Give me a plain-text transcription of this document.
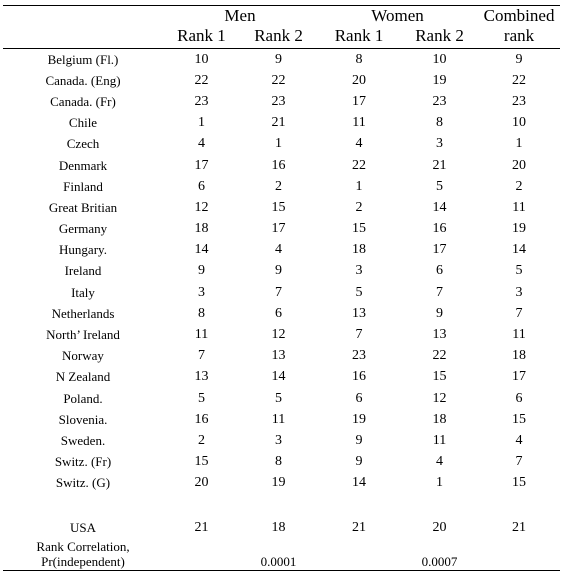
	Men		Women		Combined
	Rank 1	Rank 2	Rank 1	Rank 2	rank
Belgium (Fl.)	10	9	8	10	9
Canada. (Eng)	22	22	20	19	22
Canada. (Fr)	23	23	17	23	23
Chile	1	21	11	8	10
Czech	4	1	4	3	1
Denmark	17	16	22	21	20
Finland	6	2	1	5	2
Great Britian	12	15	2	14	11
Germany	18	17	15	16	19
Hungary.	14	4	18	17	14
Ireland	9	9	3	6	5
Italy	3	7	5	7	3
Netherlands	8	6	13	9	7
North’ Ireland	11	12	7	13	11
Norway	7	13	23	22	18
N Zealand	13	14	16	15	17
Poland.	5	5	6	12	6
Slovenia.	16	11	19	18	15
Sweden.	2	3	9	11	4
Switz. (Fr)	15	8	9	4	7
Switz. (G)	20	19	14	1	15

USA	21	18	21	20	21

Rank Correlation,
Pr(independent)		0.0001		0.0007	
